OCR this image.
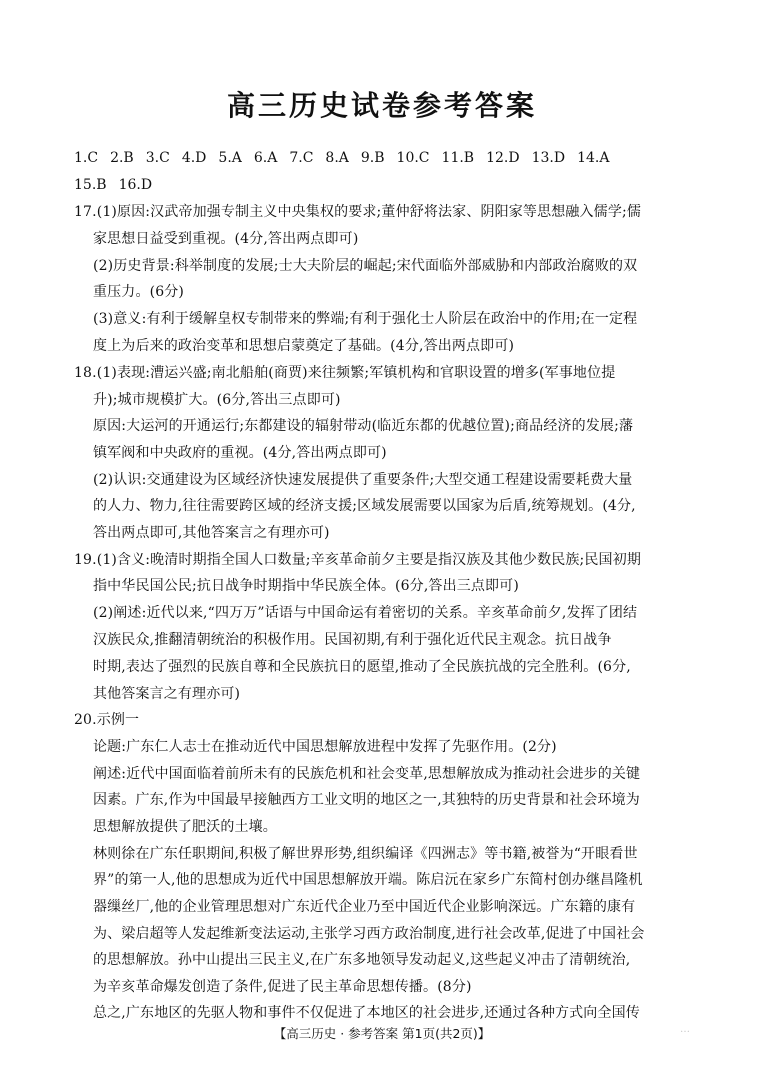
高三历史试卷参考答案
1.C 2.B 3.C 4.D 5.A 6.A 7.C 8.A 9.B 10.C 11.B 12.D 13.D 14.A
15.B 16.D
17.(1)原因:汉武帝加强专制主义中央集权的要求;董仲舒将法家、阴阳家等思想融入儒学;儒
家思想日益受到重视。(4分,答出两点即可)
(2)历史背景:科举制度的发展;士大夫阶层的崛起;宋代面临外部威胁和内部政治腐败的双
重压力。(6分)
(3)意义:有利于缓解皇权专制带来的弊端;有利于强化士人阶层在政治中的作用;在一定程
度上为后来的政治变革和思想启蒙奠定了基础。(4分,答出两点即可)
18.(1)表现:漕运兴盛;南北船舶(商贾)来往频繁;军镇机构和官职设置的增多(军事地位提
升);城市规模扩大。(6分,答出三点即可)
原因:大运河的开通运行;东都建设的辐射带动(临近东都的优越位置);商品经济的发展;藩
镇军阀和中央政府的重视。(4分,答出两点即可)
(2)认识:交通建设为区域经济快速发展提供了重要条件;大型交通工程建设需要耗费大量
的人力、物力,往往需要跨区域的经济支援;区域发展需要以国家为后盾,统筹规划。(4分,
答出两点即可,其他答案言之有理亦可)
19.(1)含义:晚清时期指全国人口数量;辛亥革命前夕主要是指汉族及其他少数民族;民国初期
指中华民国公民;抗日战争时期指中华民族全体。(6分,答出三点即可)
(2)阐述:近代以来,“四万万”话语与中国命运有着密切的关系。辛亥革命前夕,发挥了团结
汉族民众,推翻清朝统治的积极作用。民国初期,有利于强化近代民主观念。抗日战争
时期,表达了强烈的民族自尊和全民族抗日的愿望,推动了全民族抗战的完全胜利。(6分,
其他答案言之有理亦可)
20.示例一
论题:广东仁人志士在推动近代中国思想解放进程中发挥了先驱作用。(2分)
阐述:近代中国面临着前所未有的民族危机和社会变革,思想解放成为推动社会进步的关键
因素。广东,作为中国最早接触西方工业文明的地区之一,其独特的历史背景和社会环境为
思想解放提供了肥沃的土壤。
林则徐在广东任职期间,积极了解世界形势,组织编译《四洲志》等书籍,被誉为“开眼看世
界”的第一人,他的思想成为近代中国思想解放开端。陈启沅在家乡广东简村创办继昌隆机
器缫丝厂,他的企业管理思想对广东近代企业乃至中国近代企业影响深远。广东籍的康有
为、梁启超等人发起维新变法运动,主张学习西方政治制度,进行社会改革,促进了中国社会
的思想解放。孙中山提出三民主义,在广东多地领导发动起义,这些起义冲击了清朝统治,
为辛亥革命爆发创造了条件,促进了民主革命思想传播。(8分)
总之,广东地区的先驱人物和事件不仅促进了本地区的社会进步,还通过各种方式向全国传
【高三历史 · 参考答案 第1页(共2页)】	…
